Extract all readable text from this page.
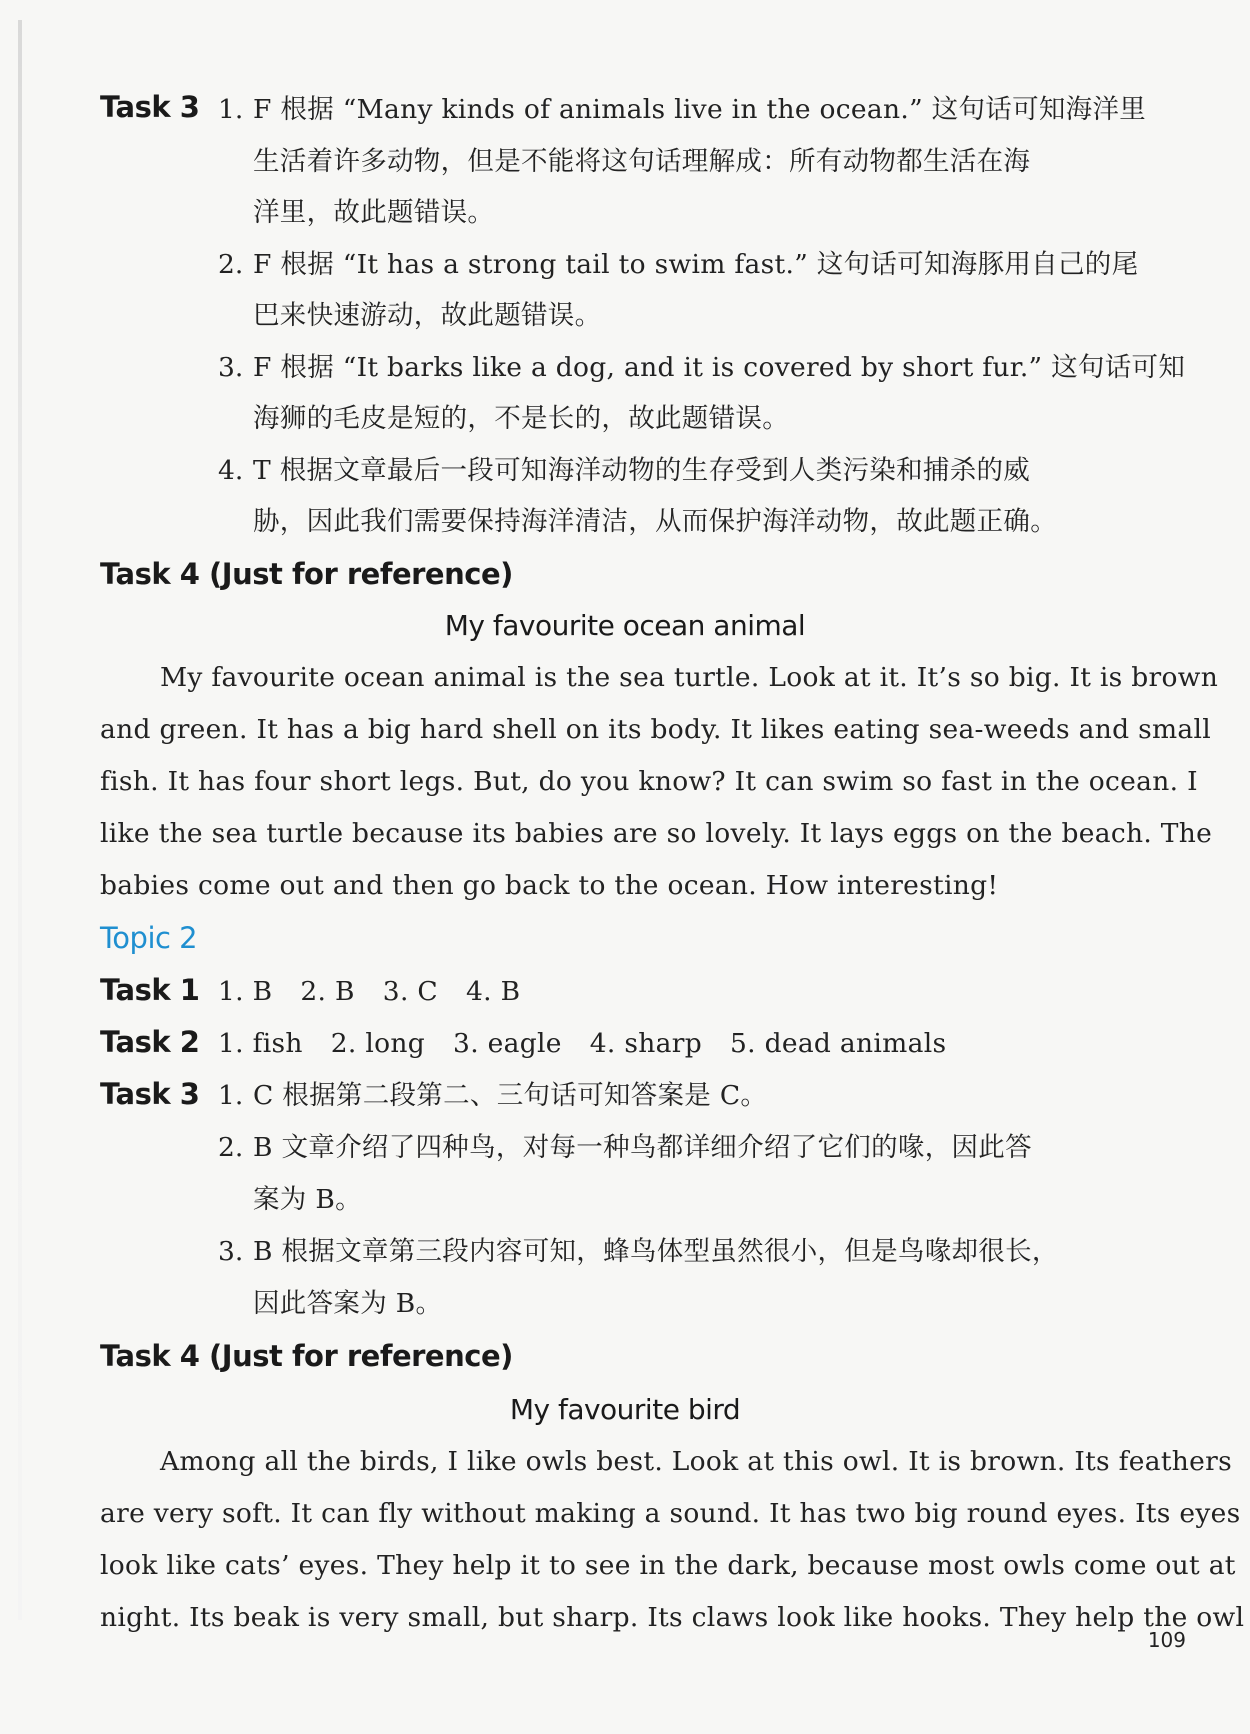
Task 3 1. F 根据 “Many kinds of animals live in the ocean.” 这句话可知海洋里
生活着许多动物，但是不能将这句话理解成：所有动物都生活在海
洋里，故此题错误。
2. F 根据 “It has a strong tail to swim fast.” 这句话可知海豚用自己的尾
巴来快速游动，故此题错误。
3. F 根据 “It barks like a dog, and it is covered by short fur.” 这句话可知
海狮的毛皮是短的，不是长的，故此题错误。
4. T 根据文章最后一段可知海洋动物的生存受到人类污染和捕杀的威
胁，因此我们需要保持海洋清洁，从而保护海洋动物，故此题正确。
Task 4 (Just for reference)
My favourite ocean animal
My favourite ocean animal is the sea turtle. Look at it. It’s so big. It is brown
and green. It has a big hard shell on its body. It likes eating sea-weeds and small
fish. It has four short legs. But, do you know? It can swim so fast in the ocean. I
like the sea turtle because its babies are so lovely. It lays eggs on the beach. The
babies come out and then go back to the ocean. How interesting!
Topic 2
Task 1 1. B 2. B 3. C 4. B
Task 2 1. fish 2. long 3. eagle 4. sharp 5. dead animals
Task 3 1. C 根据第二段第二、三句话可知答案是 C。
2. B 文章介绍了四种鸟，对每一种鸟都详细介绍了它们的喙，因此答
案为 B。
3. B 根据文章第三段内容可知，蜂鸟体型虽然很小，但是鸟喙却很长，
因此答案为 B。
Task 4 (Just for reference)
My favourite bird
Among all the birds, I like owls best. Look at this owl. It is brown. Its feathers
are very soft. It can fly without making a sound. It has two big round eyes. Its eyes
look like cats’ eyes. They help it to see in the dark, because most owls come out at
night. Its beak is very small, but sharp. Its claws look like hooks. They help the owl
109
